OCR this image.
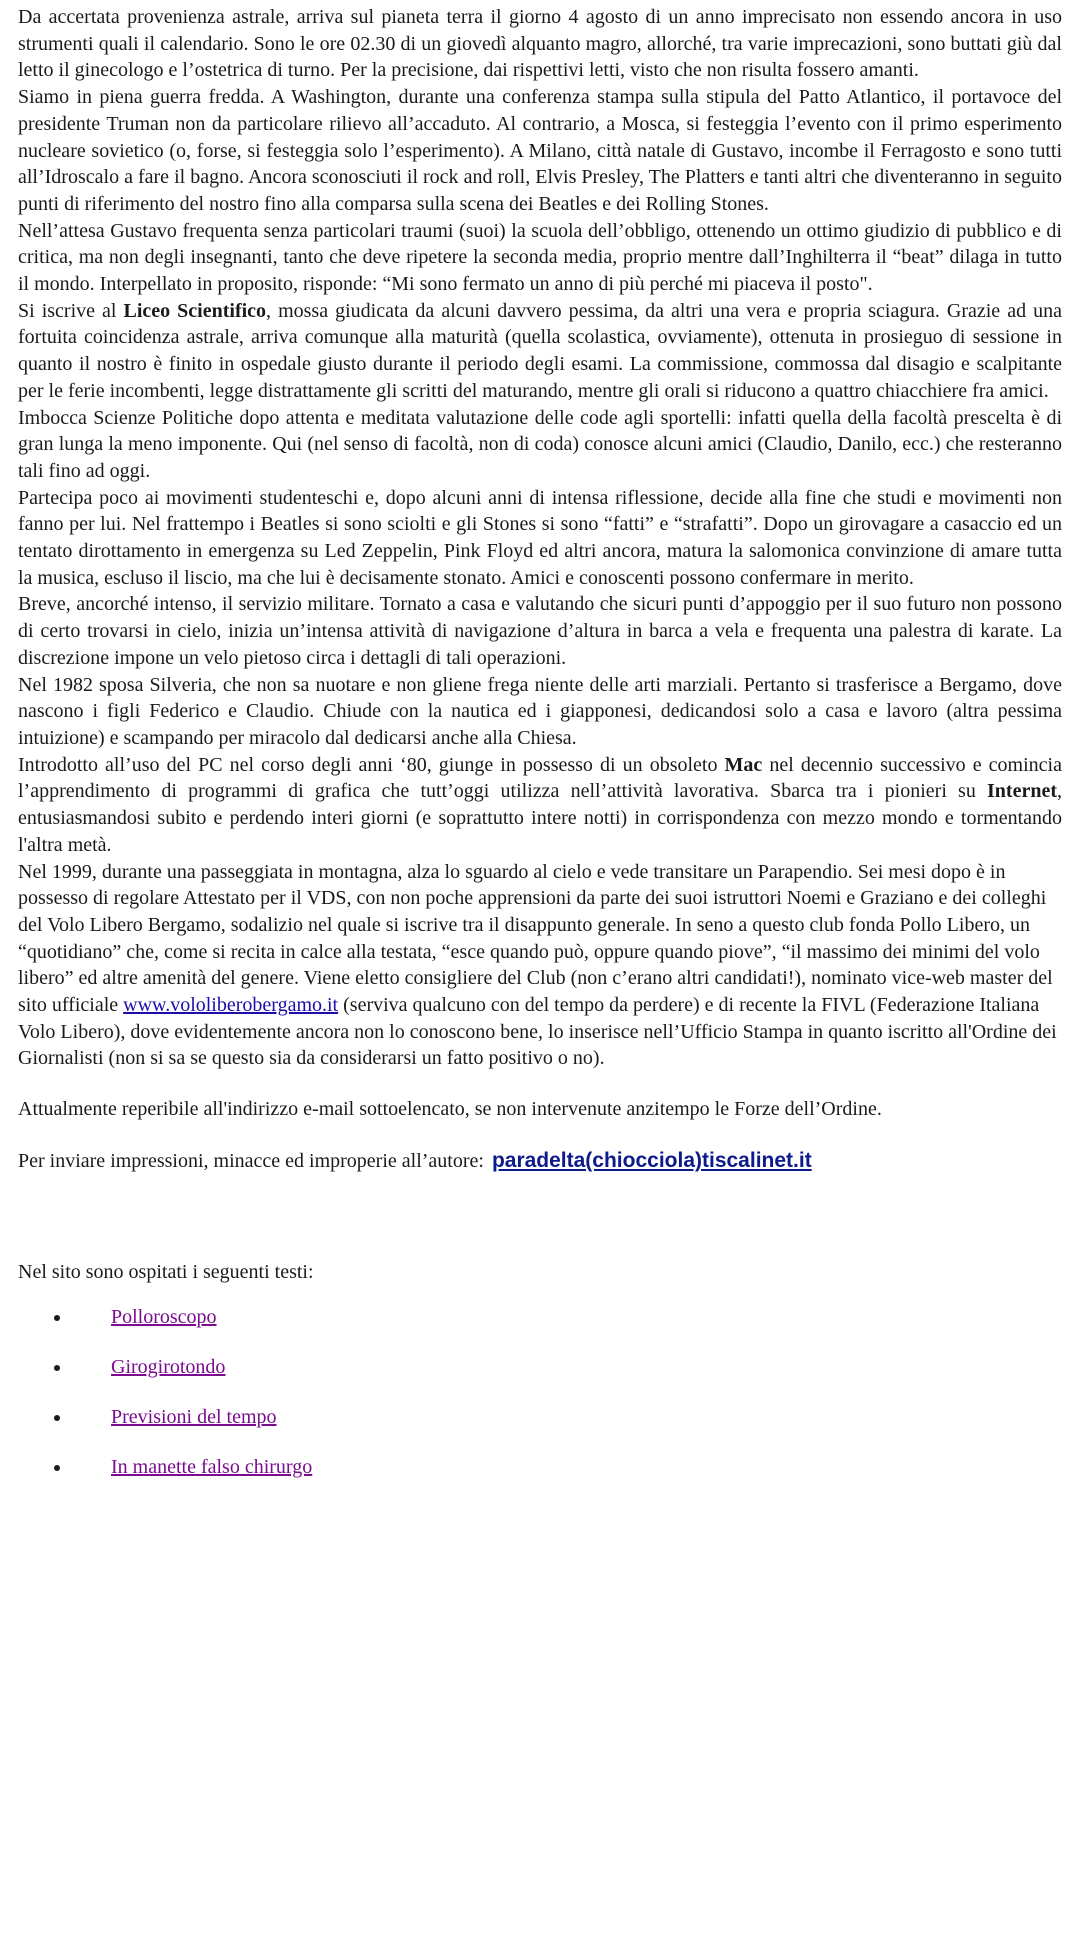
Da accertata provenienza astrale, arriva sul pianeta terra il giorno 4 agosto di un anno imprecisato non essendo ancora in uso strumenti quali il calendario. Sono le ore 02.30 di un giovedì alquanto magro, allorché, tra varie imprecazioni, sono buttati giù dal letto il ginecologo e l’ostetrica di turno. Per la precisione, dai rispettivi letti, visto che non risulta fossero amanti.

Siamo in piena guerra fredda. A Washington, durante una conferenza stampa sulla stipula del Patto Atlantico, il portavoce del presidente Truman non da particolare rilievo all’accaduto. Al contrario, a Mosca, si festeggia l’evento con il primo esperimento nucleare sovietico (o, forse, si festeggia solo l’esperimento). A Milano, città natale di Gustavo, incombe il Ferragosto e sono tutti all’Idroscalo a fare il bagno. Ancora sconosciuti il rock and roll, Elvis Presley, The Platters e tanti altri che diventeranno in seguito punti di riferimento del nostro fino alla comparsa sulla scena dei Beatles e dei Rolling Stones.

Nell’attesa Gustavo frequenta senza particolari traumi (suoi) la scuola dell’obbligo, ottenendo un ottimo giudizio di pubblico e di critica, ma non degli insegnanti, tanto che deve ripetere la seconda media, proprio mentre dall’Inghilterra il “beat” dilaga in tutto il mondo. Interpellato in proposito, risponde: “Mi sono fermato un anno di più perché mi piaceva il posto".

Si iscrive al Liceo Scientifico, mossa giudicata da alcuni davvero pessima, da altri una vera e propria sciagura. Grazie ad una fortuita coincidenza astrale, arriva comunque alla maturità (quella scolastica, ovviamente), ottenuta in prosieguo di sessione in quanto il nostro è finito in ospedale giusto durante il periodo degli esami. La commissione, commossa dal disagio e scalpitante per le ferie incombenti, legge distrattamente gli scritti del maturando, mentre gli orali si riducono a quattro chiacchiere fra amici.

Imbocca Scienze Politiche dopo attenta e meditata valutazione delle code agli sportelli: infatti quella della facoltà prescelta è di gran lunga la meno imponente. Qui (nel senso di facoltà, non di coda) conosce alcuni amici (Claudio, Danilo, ecc.) che resteranno tali fino ad oggi.

Partecipa poco ai movimenti studenteschi e, dopo alcuni anni di intensa riflessione, decide alla fine che studi e movimenti non fanno per lui. Nel frattempo i Beatles si sono sciolti e gli Stones si sono “fatti” e “strafatti”. Dopo un girovagare a casaccio ed un tentato dirottamento in emergenza su Led Zeppelin, Pink Floyd ed altri ancora, matura la salomonica convinzione di amare tutta la musica, escluso il liscio, ma che lui è decisamente stonato. Amici e conoscenti possono confermare in merito.

Breve, ancorché intenso, il servizio militare. Tornato a casa e valutando che sicuri punti d’appoggio per il suo futuro non possono di certo trovarsi in cielo, inizia un’intensa attività di navigazione d’altura in barca a vela e frequenta una palestra di karate. La discrezione impone un velo pietoso circa i dettagli di tali operazioni.

Nel 1982 sposa Silveria, che non sa nuotare e non gliene frega niente delle arti marziali. Pertanto si trasferisce a Bergamo, dove nascono i figli Federico e Claudio. Chiude con la nautica ed i giapponesi, dedicandosi solo a casa e lavoro (altra pessima intuizione) e scampando per miracolo dal dedicarsi anche alla Chiesa.

Introdotto all’uso del PC nel corso degli anni ‘80, giunge in possesso di un obsoleto Mac nel decennio successivo e comincia l’apprendimento di programmi di grafica che tutt’oggi utilizza nell’attività lavorativa. Sbarca tra i pionieri su Internet, entusiasmandosi subito e perdendo interi giorni (e soprattutto intere notti) in corrispondenza con mezzo mondo e tormentando l'altra metà.

Nel 1999, durante una passeggiata in montagna, alza lo sguardo al cielo e vede transitare un Parapendio. Sei mesi dopo è in possesso di regolare Attestato per il VDS, con non poche apprensioni da parte dei suoi istruttori Noemi e Graziano e dei colleghi del Volo Libero Bergamo, sodalizio nel quale si iscrive tra il disappunto generale. In seno a questo club fonda Pollo Libero, un “quotidiano” che, come si recita in calce alla testata, “esce quando può, oppure quando piove”, “il massimo dei minimi del volo libero” ed altre amenità del genere. Viene eletto consigliere del Club (non c’erano altri candidati!), nominato vice-web master del sito ufficiale www.vololiberobergamo.it (serviva qualcuno con del tempo da perdere) e di recente la FIVL (Federazione Italiana Volo Libero), dove evidentemente ancora non lo conoscono bene, lo inserisce nell’Ufficio Stampa in quanto iscritto all'Ordine dei Giornalisti (non si sa se questo sia da considerarsi un fatto positivo o no).

Attualmente reperibile all'indirizzo e-mail sottoelencato, se non intervenute anzitempo le Forze dell’Ordine.

Per inviare impressioni, minacce ed improperie all’autore: paradelta(chiocciola)tiscalinet.it

Nel sito sono ospitati i seguenti testi:

Polloroscopo
Girogirotondo
Previsioni del tempo
In manette falso chirurgo
